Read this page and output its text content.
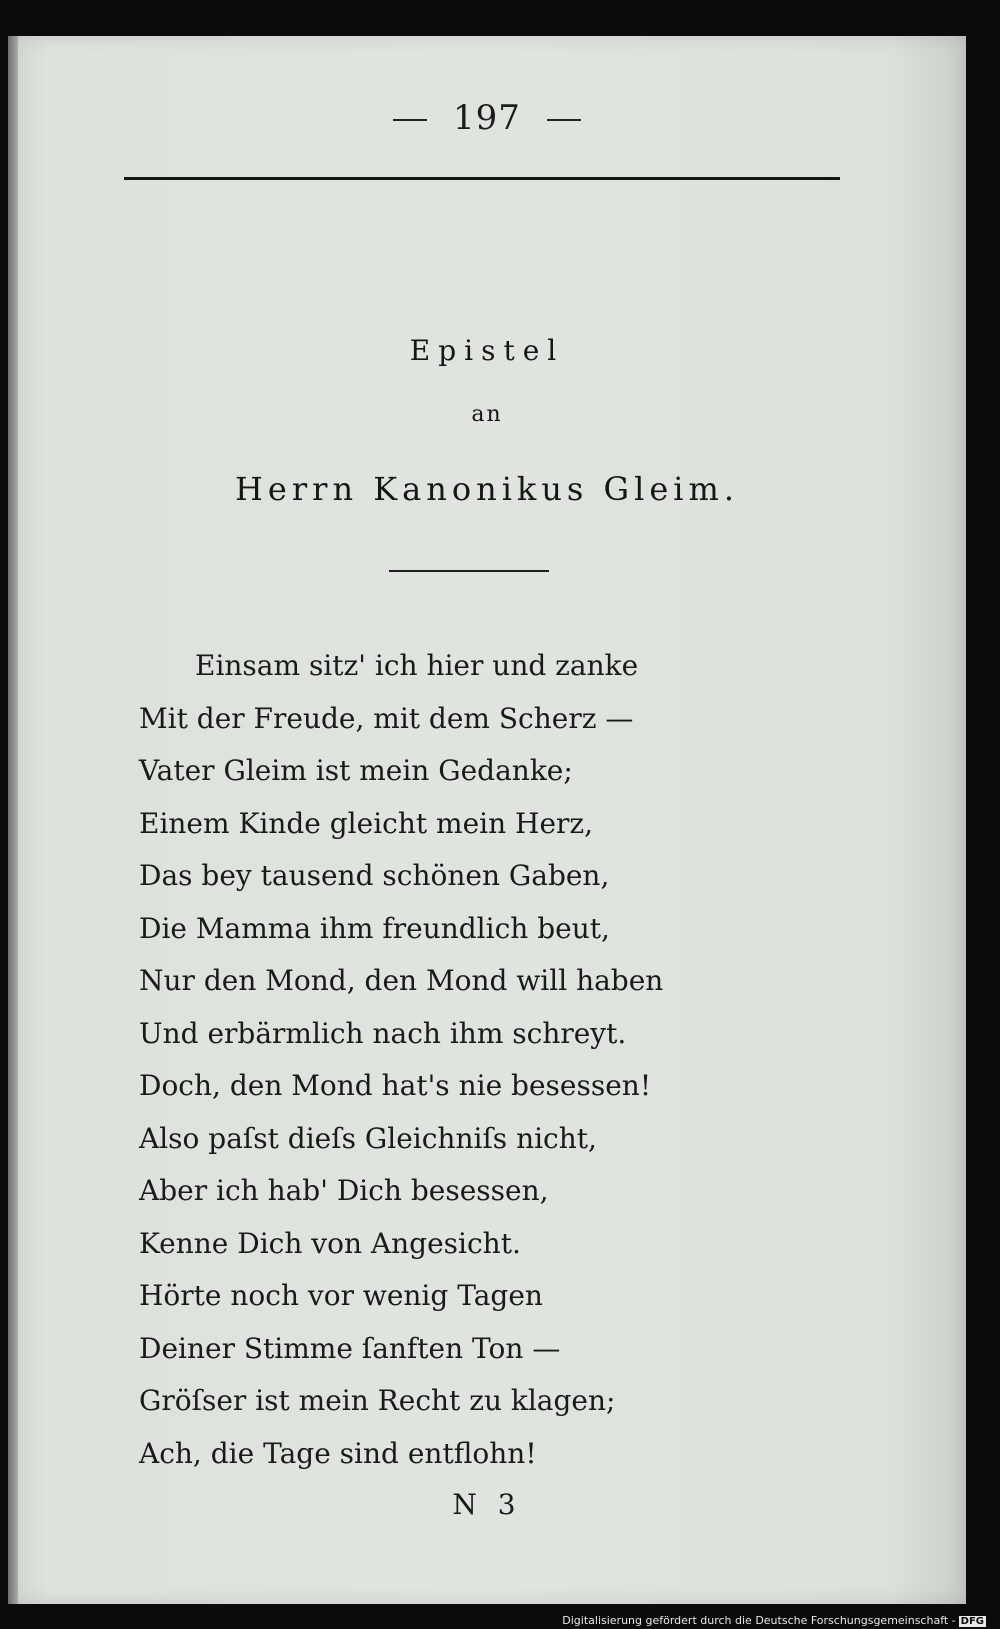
197
Epistel
an
Herrn Kanonikus Gleim.
Einsam sitz' ich hier und zanke
Mit der Freude, mit dem Scherz —
Vater Gleim ist mein Gedanke;
Einem Kinde gleicht mein Herz,
Das bey tausend schönen Gaben,
Die Mamma ihm freundlich beut,
Nur den Mond, den Mond will haben
Und erbärmlich nach ihm schreyt.
Doch, den Mond hat's nie besessen!
Also paſst dieſs Gleichniſs nicht,
Aber ich hab' Dich besessen,
Kenne Dich von Angesicht.
Hörte noch vor wenig Tagen
Deiner Stimme ſanften Ton —
Gröſser ist mein Recht zu klagen;
Ach, die Tage sind entflohn!
N 3
Digitalisierung gefördert durch die Deutsche Forschungsgemeinschaft - DFG
